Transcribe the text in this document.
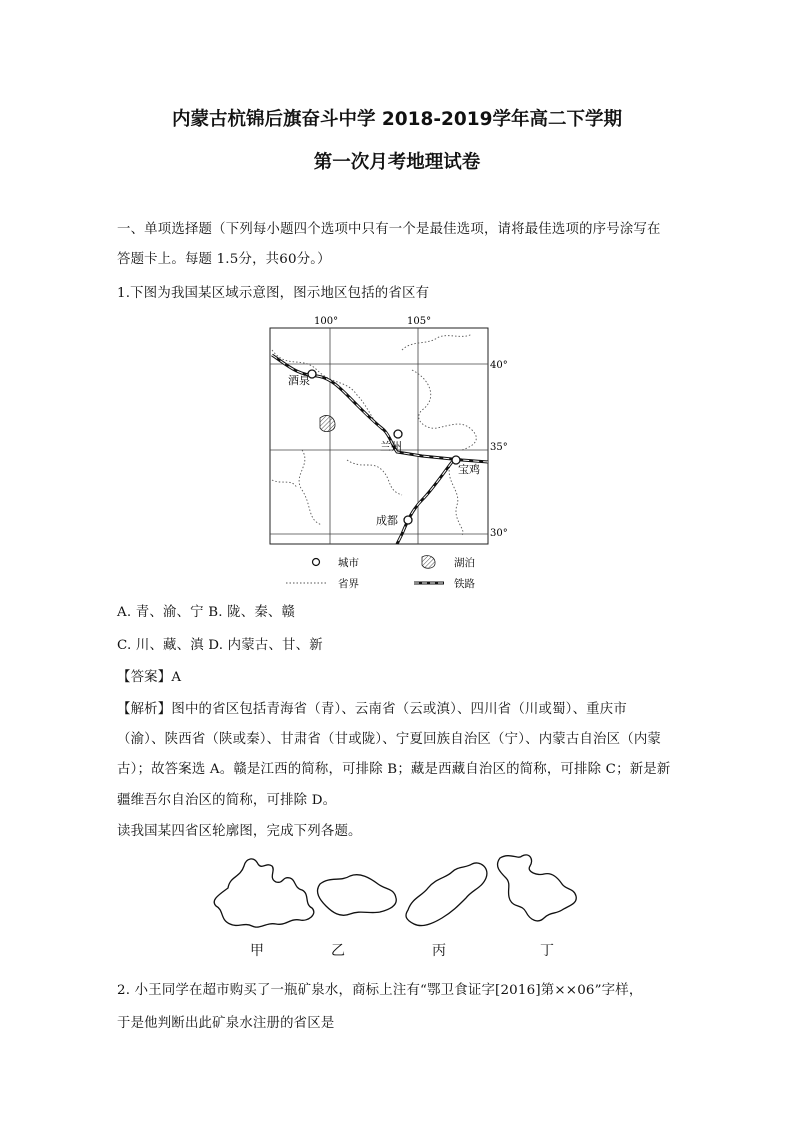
内蒙古杭锦后旗奋斗中学 2018-2019学年高二下学期
第一次月考地理试卷
一、单项选择题（下列每小题四个选项中只有一个是最佳选项，请将最佳选项的序号涂写在
答题卡上。每题 1.5分，共60分。）
1.下图为我国某区域示意图，图示地区包括的省区有
100°	105°
40°
35°
30°
酒泉
兰州
宝鸡
成都
城市	湖泊
省界	铁路
A. 青、渝、宁 B. 陇、秦、赣
C. 川、藏、滇 D. 内蒙古、甘、新
【答案】A
【解析】图中的省区包括青海省（青）、云南省（云或滇）、四川省（川或蜀）、重庆市
（渝）、陕西省（陕或秦）、甘肃省（甘或陇）、宁夏回族自治区（宁）、内蒙古自治区（内蒙
古）；故答案选 A。赣是江西的简称，可排除 B；藏是西藏自治区的简称，可排除 C；新是新
疆维吾尔自治区的简称，可排除 D。
读我国某四省区轮廓图，完成下列各题。
甲	乙	丙	丁
2. 小王同学在超市购买了一瓶矿泉水，商标上注有“鄂卫食证字[2016]第××06”字样，
于是他判断出此矿泉水注册的省区是
